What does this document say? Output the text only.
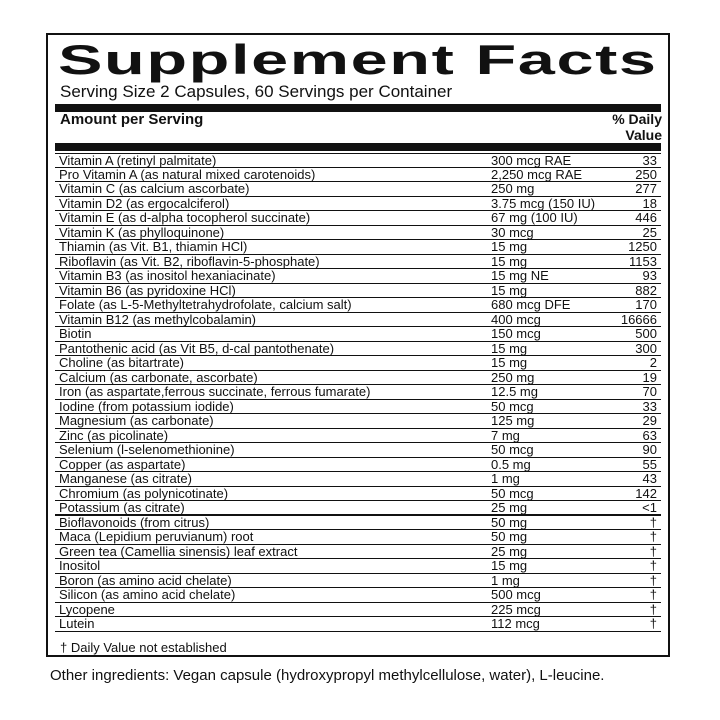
Supplement Facts
Serving Size 2 Capsules, 60 Servings per Container
Amount per Serving	% Daily
Value
Vitamin A (retinyl palmitate)	300 mcg RAE	33
Pro Vitamin A (as natural mixed carotenoids)	2,250 mcg RAE	250
Vitamin C (as calcium ascorbate)	250 mg	277
Vitamin D2 (as ergocalciferol)	3.75 mcg (150 IU)	18
Vitamin E (as d-alpha tocopherol succinate)	67 mg (100 IU)	446
Vitamin K (as phylloquinone)	30 mcg	25
Thiamin (as Vit. B1, thiamin HCl)	15 mg	1250
Riboflavin (as Vit. B2, riboflavin-5-phosphate)	15 mg	1153
Vitamin B3 (as inositol hexaniacinate)	15 mg NE	93
Vitamin B6 (as pyridoxine HCl)	15 mg	882
Folate (as L-5-Methyltetrahydrofolate, calcium salt)	680 mcg DFE	170
Vitamin B12 (as methylcobalamin)	400 mcg	16666
Biotin	150 mcg	500
Pantothenic acid (as Vit B5, d-cal pantothenate)	15 mg	300
Choline (as bitartrate)	15 mg	2
Calcium (as carbonate, ascorbate)	250 mg	19
Iron (as aspartate,ferrous succinate, ferrous fumarate)	12.5 mg	70
Iodine (from potassium iodide)	50 mcg	33
Magnesium (as carbonate)	125 mg	29
Zinc (as picolinate)	7 mg	63
Selenium (l-selenomethionine)	50 mcg	90
Copper (as aspartate)	0.5 mg	55
Manganese (as citrate)	1 mg	43
Chromium (as polynicotinate)	50 mcg	142
Potassium (as citrate)	25 mg	<1
Bioflavonoids (from citrus)	50 mg	†
Maca (Lepidium peruvianum) root	50 mg	†
Green tea (Camellia sinensis) leaf extract	25 mg	†
Inositol	15 mg	†
Boron (as amino acid chelate)	1 mg	†
Silicon (as amino acid chelate)	500 mcg	†
Lycopene	225 mcg	†
Lutein	112 mcg	†
† Daily Value not established
Other ingredients: Vegan capsule (hydroxypropyl methylcellulose, water), L-leucine.
